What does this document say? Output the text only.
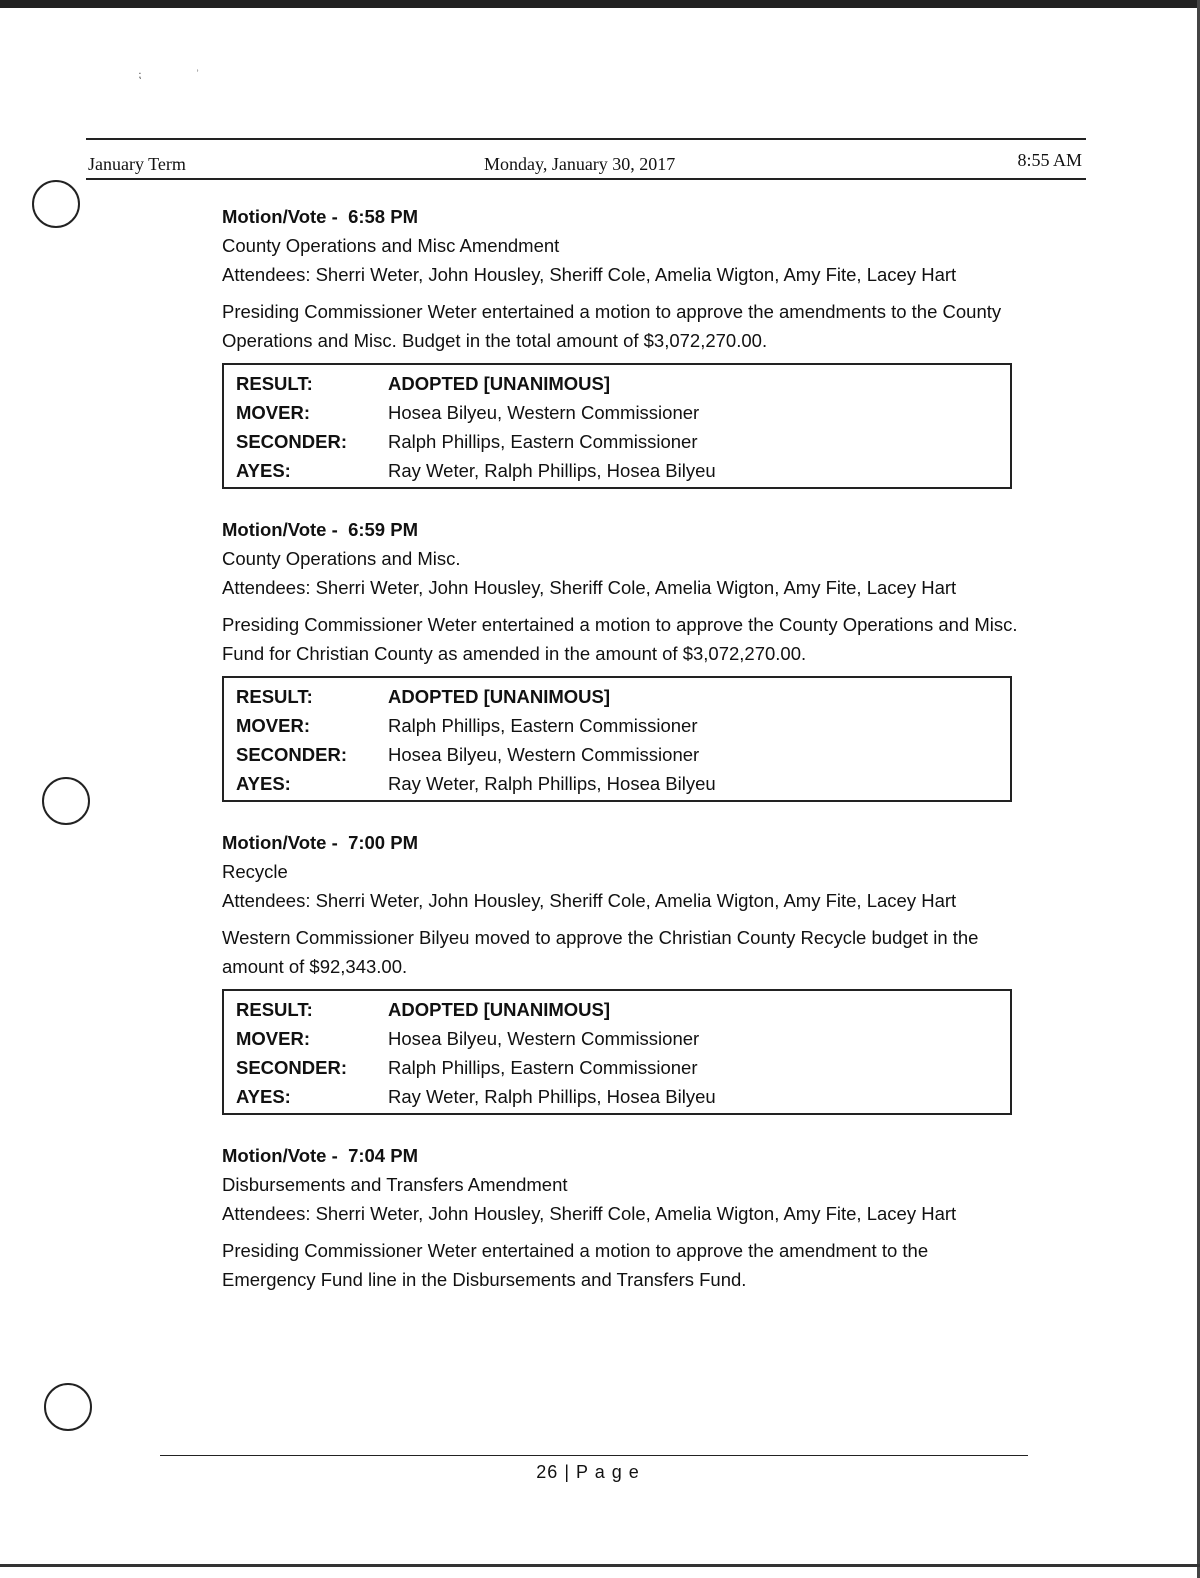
⁏
˒
January Term	Monday, January 30, 2017	8:55 AM
Motion/Vote - 6:58 PM
County Operations and Misc Amendment
Attendees: Sherri Weter, John Housley, Sheriff Cole, Amelia Wigton, Amy Fite, Lacey Hart
Presiding Commissioner Weter entertained a motion to approve the amendments to the County Operations and Misc. Budget in the total amount of $3,072,270.00.
RESULT:	ADOPTED [UNANIMOUS]
MOVER:	Hosea Bilyeu, Western Commissioner
SECONDER:	Ralph Phillips, Eastern Commissioner
AYES:	Ray Weter, Ralph Phillips, Hosea Bilyeu
Motion/Vote - 6:59 PM
County Operations and Misc.
Attendees: Sherri Weter, John Housley, Sheriff Cole, Amelia Wigton, Amy Fite, Lacey Hart
Presiding Commissioner Weter entertained a motion to approve the County Operations and Misc. Fund for Christian County as amended in the amount of $3,072,270.00.
RESULT:	ADOPTED [UNANIMOUS]
MOVER:	Ralph Phillips, Eastern Commissioner
SECONDER:	Hosea Bilyeu, Western Commissioner
AYES:	Ray Weter, Ralph Phillips, Hosea Bilyeu
Motion/Vote - 7:00 PM
Recycle
Attendees: Sherri Weter, John Housley, Sheriff Cole, Amelia Wigton, Amy Fite, Lacey Hart
Western Commissioner Bilyeu moved to approve the Christian County Recycle budget in the amount of $92,343.00.
RESULT:	ADOPTED [UNANIMOUS]
MOVER:	Hosea Bilyeu, Western Commissioner
SECONDER:	Ralph Phillips, Eastern Commissioner
AYES:	Ray Weter, Ralph Phillips, Hosea Bilyeu
Motion/Vote - 7:04 PM
Disbursements and Transfers Amendment
Attendees: Sherri Weter, John Housley, Sheriff Cole, Amelia Wigton, Amy Fite, Lacey Hart
Presiding Commissioner Weter entertained a motion to approve the amendment to the Emergency Fund line in the Disbursements and Transfers Fund.
26 | P a g e
